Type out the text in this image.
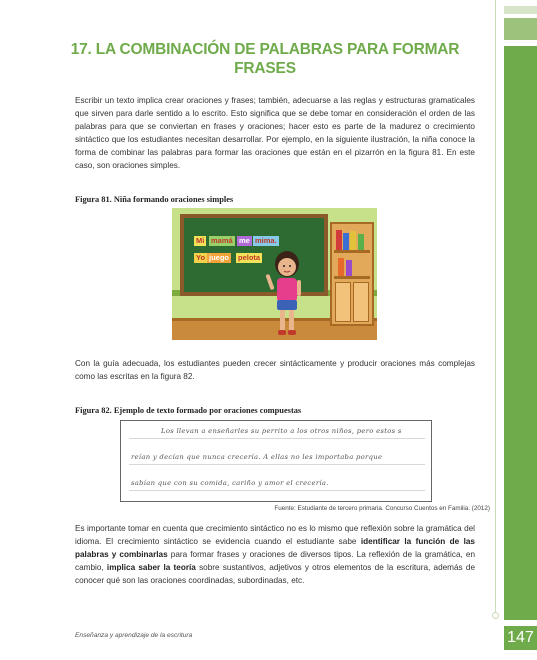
147
17. LA COMBINACIÓN DE PALABRAS PARA FORMAR FRASES
Escribir un texto implica crear oraciones y frases; también, adecuarse a las reglas y estructuras gramaticales que sirven para darle sentido a lo escrito. Esto significa que se debe tomar en consideración el orden de las palabras para que se conviertan en frases y oraciones; hacer esto es parte de la madurez o crecimiento sintáctico que los estudiantes necesitan desarrollar. Por ejemplo, en la siguiente ilustración, la niña conoce la forma de combinar las palabras para formar las oraciones que están en el pizarrón en la figura 81. En este caso, son oraciones simples.
Figura 81. Niña formando oraciones simples
Mi mamá me mima.
Yo juego pelota
Con la guía adecuada, los estudiantes pueden crecer sintácticamente y producir oraciones más complejas como las escritas en la figura 82.
Figura 82. Ejemplo de texto formado por oraciones compuestas
Los llevan a enseñarles su perrito a los otros niños, pero estos s
reían y decían que nunca crecería. A ellas no les importaba porque
sabían que con su comida, cariño y amor el crecería.
Fuente: Estudiante de tercero primaria. Concurso Cuentos en Familia. (2012)
Es importante tomar en cuenta que crecimiento sintáctico no es lo mismo que reflexión sobre la gramática del idioma. El crecimiento sintáctico se evidencia cuando el estudiante sabe identificar la función de las palabras y combinarlas para formar frases y oraciones de diversos tipos. La reflexión de la gramática, en cambio, implica saber la teoría sobre sustantivos, adjetivos y otros elementos de la escritura, además de conocer qué son las oraciones coordinadas, subordinadas, etc.
Enseñanza y aprendizaje de la escritura
